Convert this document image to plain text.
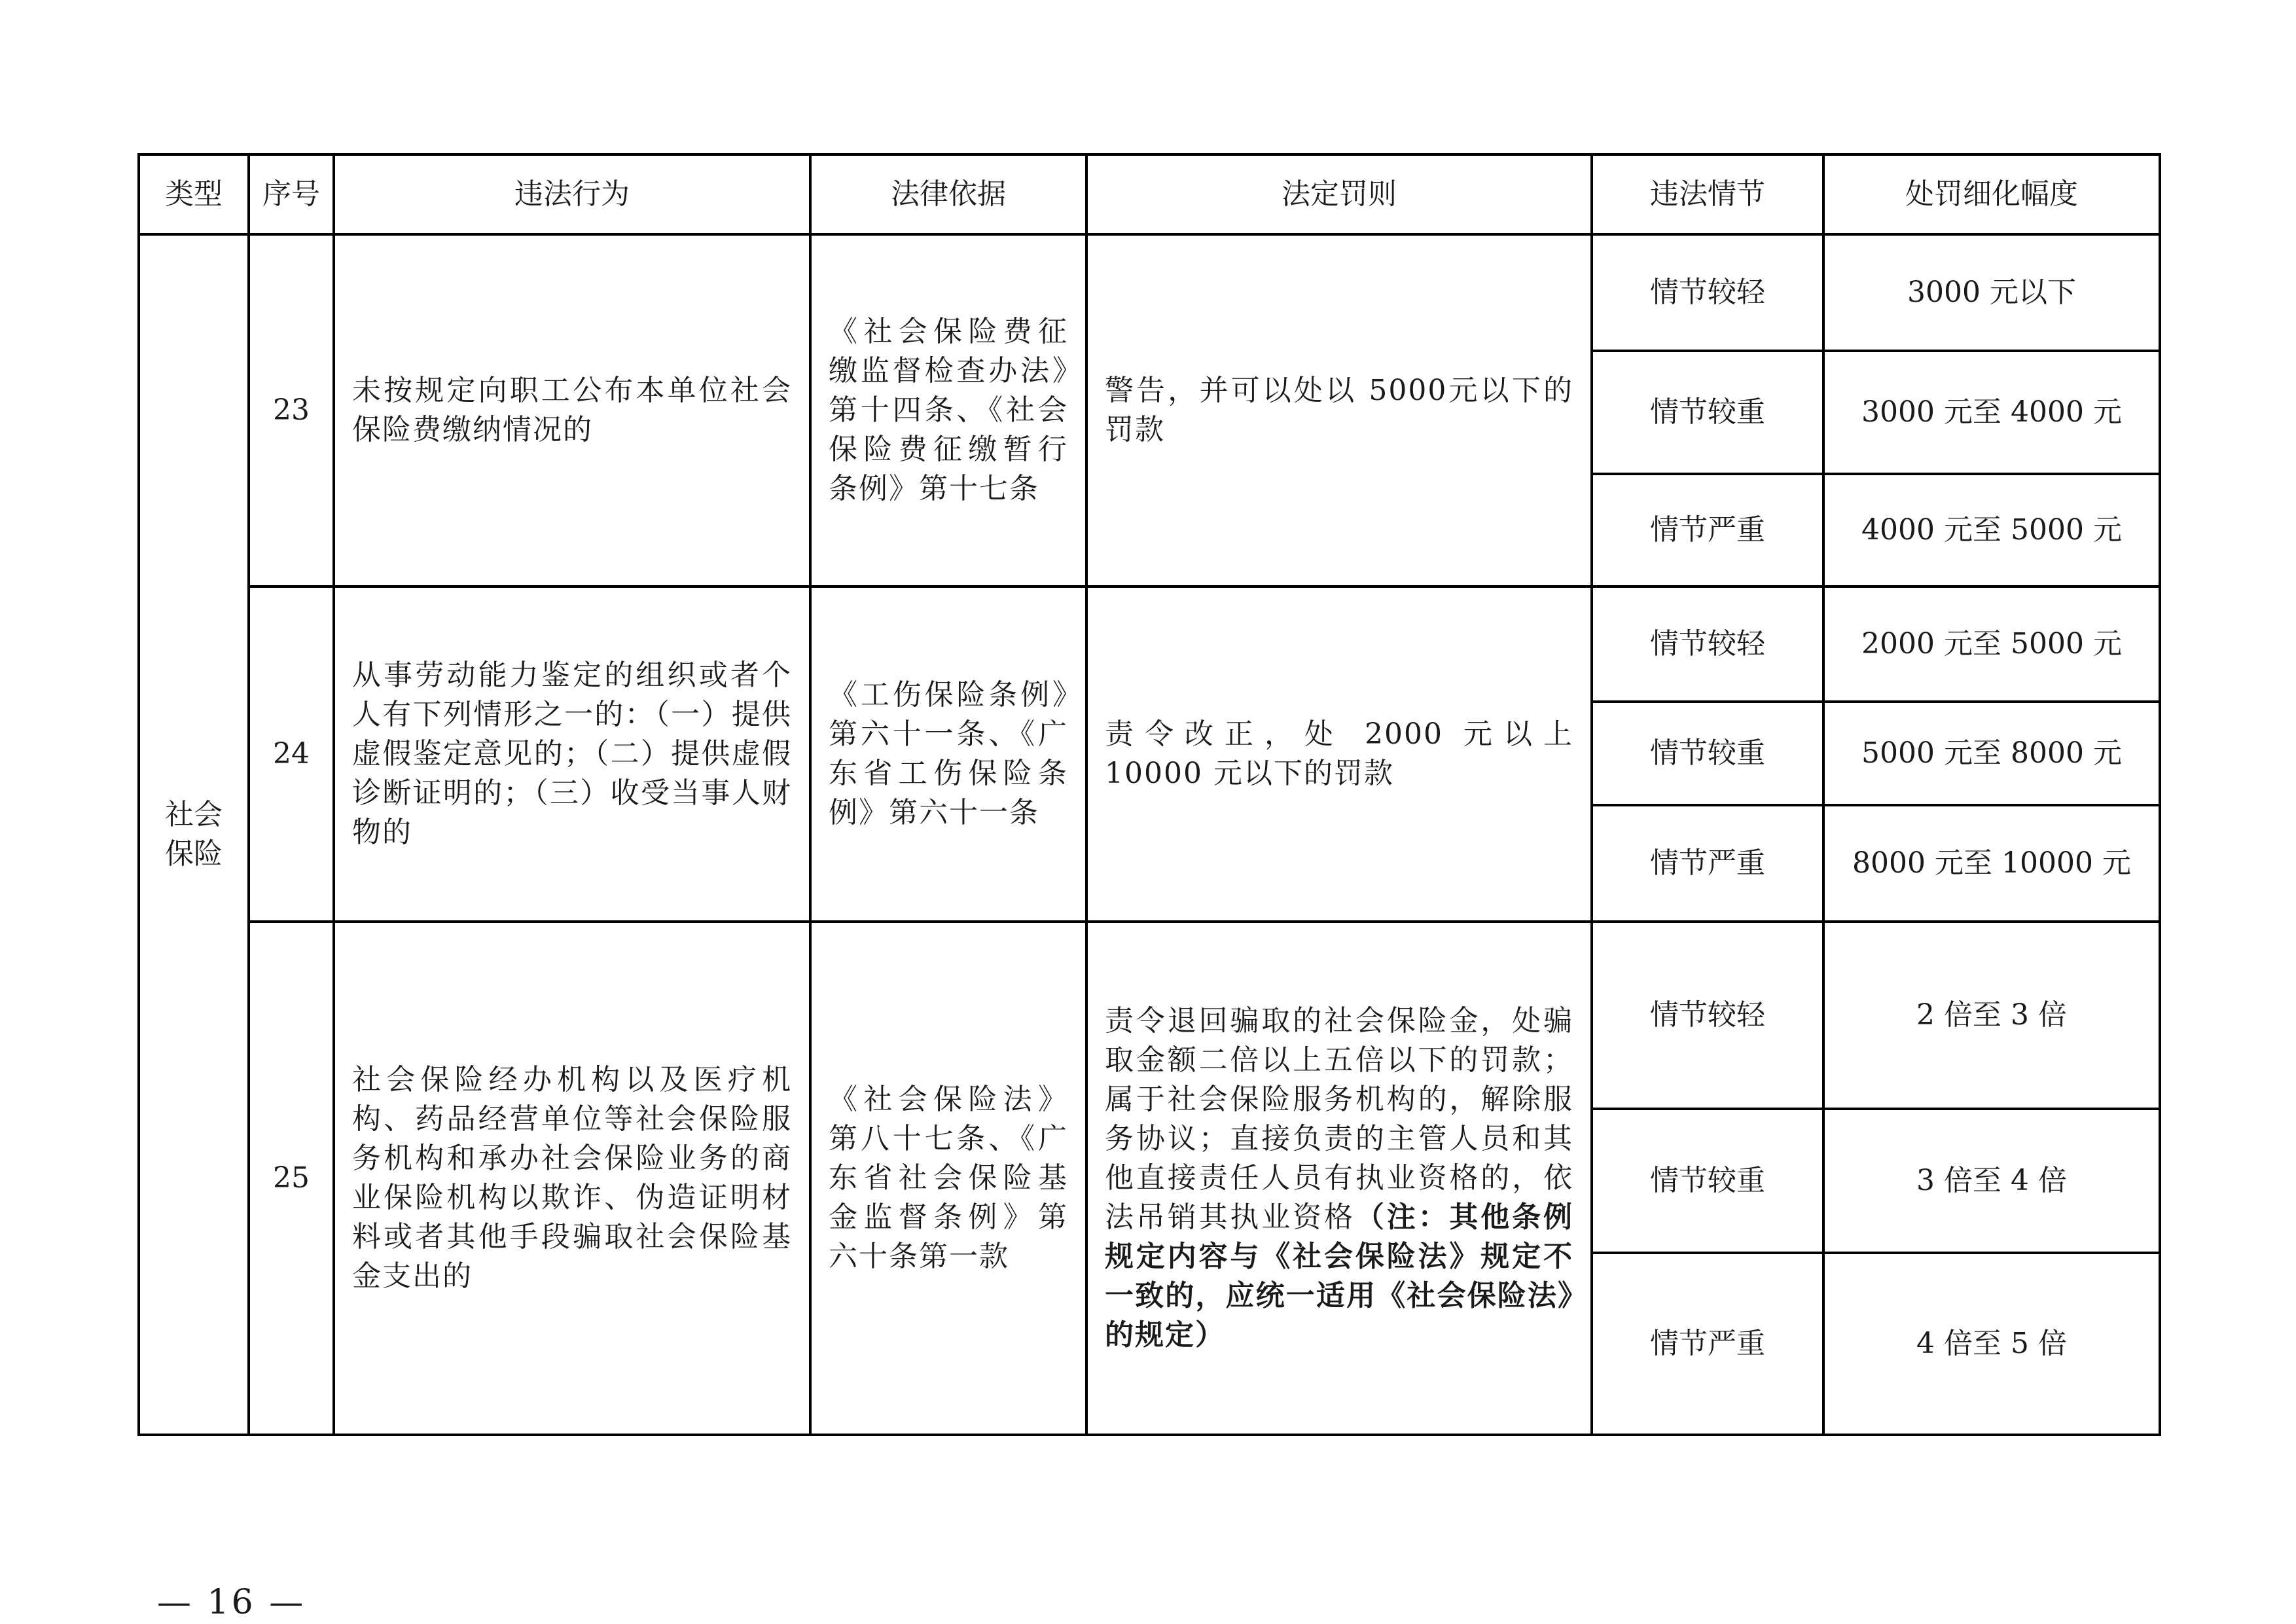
类型	序号	违法行为	法律依据	法定罚则	违法情节	处罚细化幅度

社会
保险	23	未按规定向职工公布本单位社会保险费缴纳情况的	《社会保险费征缴监督检查办法》第十四条、《社会保险费征缴暂行条例》第十七条	警告，并可以处以 5000元以下的罚款	情节较轻	3000 元以下
					情节较重	3000 元至 4000 元
					情节严重	4000 元至 5000 元
	24	从事劳动能力鉴定的组织或者个人有下列情形之一的：（一）提供虚假鉴定意见的；（二）提供虚假诊断证明的；（三）收受当事人财物的	《工伤保险条例》第六十一条、《广东省工伤保险条例》第六十一条	责令改正，处 2000 元以上 10000 元以下的罚款	情节较轻	2000 元至 5000 元
					情节较重	5000 元至 8000 元
					情节严重	8000 元至 10000 元
	25	社会保险经办机构以及医疗机构、药品经营单位等社会保险服务机构和承办社会保险业务的商业保险机构以欺诈、伪造证明材料或者其他手段骗取社会保险基金支出的	《社会保险法》第八十七条、《广东省社会保险基金监督条例》第六十条第一款	责令退回骗取的社会保险金，处骗取金额二倍以上五倍以下的罚款；属于社会保险服务机构的，解除服务协议；直接负责的主管人员和其他直接责任人员有执业资格的，依法吊销其执业资格（注：其他条例规定内容与《社会保险法》规定不一致的，应统一适用《社会保险法》的规定）	情节较轻	2 倍至 3 倍
					情节较重	3 倍至 4 倍
					情节严重	4 倍至 5 倍
— 16 —
